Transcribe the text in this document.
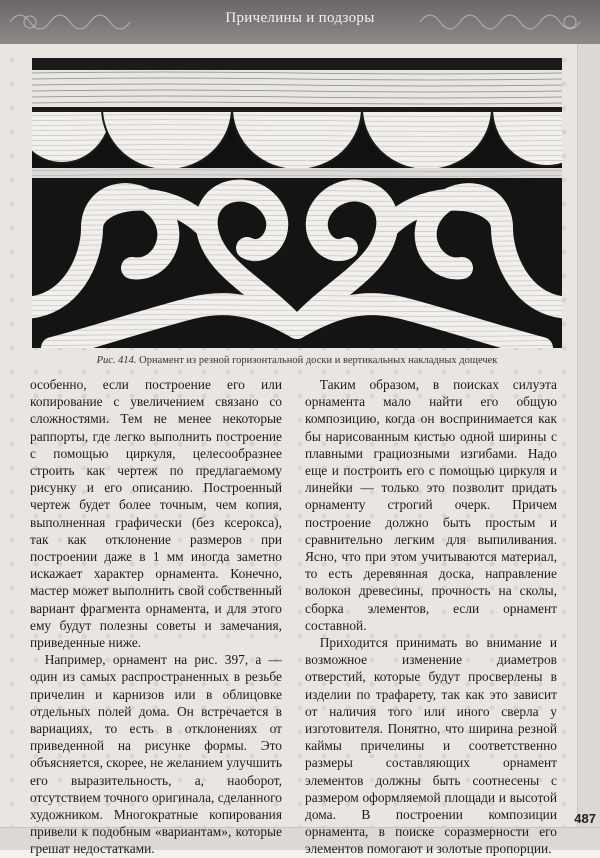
Причелины и подзоры
Рис. 414. Орнамент из резной горизонтальной доски и вертикальных накладных дощечек

особенно, если построение его или копирование с увеличением связано со сложностями. Тем не менее некоторые раппорты, где легко выполнить построение с помощью циркуля, целесообразнее строить как чертеж по предлагаемому рисунку и его описанию. Построенный чертеж будет более точным, чем копия, выполненная графически (без ксерокса), так как отклонение размеров при построении даже в 1 мм иногда заметно искажает характер орнамента. Конечно, мастер может выполнить свой собственный вариант фрагмента орнамента, и для этого ему будут полезны советы и замечания, приведенные ниже.

Например, орнамент на рис. 397, а — один из самых распространенных в резьбе причелин и карнизов или в облицовке отдельных полей дома. Он встречается в вариациях, то есть в отклонениях от приведенной на рисунке формы. Это объясняется, скорее, не желанием улучшить его выразительность, а, наоборот, отсутствием точного оригинала, сделанного художником. Многократные копирования привели к подобным «вариантам», которые грешат недостатками.

Таким образом, в поисках силуэта орнамента мало найти его общую композицию, когда он воспринимается как бы нарисованным кистью одной ширины с плавными грациозными изгибами. Надо еще и построить его с помощью циркуля и линейки — только это позволит придать орнаменту строгий очерк. Причем построение должно быть простым и сравнительно легким для выпиливания. Ясно, что при этом учитываются материал, то есть деревянная доска, направление волокон древесины, прочность на сколы, сборка элементов, если орнамент составной.

Приходится принимать во внимание и возможное изменение диаметров отверстий, которые будут просверлены в изделии по трафарету, так как это зависит от наличия того или иного сверла у изготовителя. Понятно, что ширина резной каймы причелины и соответственно размеры составляющих орнамент элементов должны быть соотнесены с размером оформляемой площади и высотой дома. В построении композиции орнамента, в поиске соразмерности его элементов помогают и золотые пропорции.

487
